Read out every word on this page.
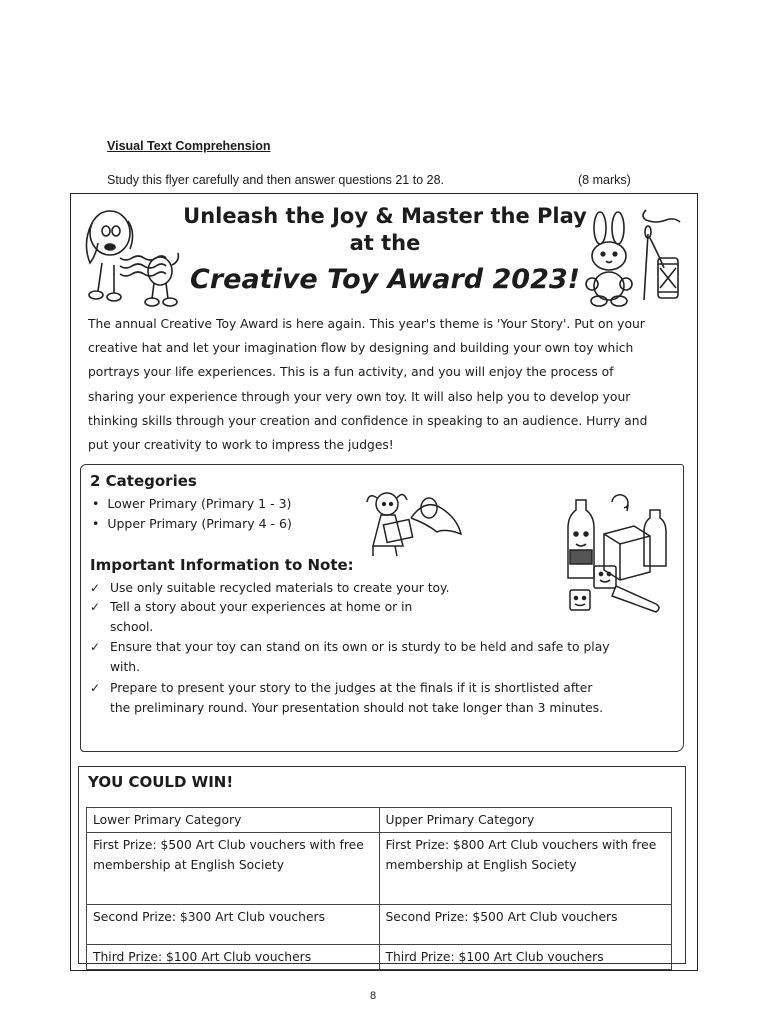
Visual Text Comprehension
Study this flyer carefully and then answer questions 21 to 28.	(8 marks)
Unleash the Joy & Master the Play
at the
Creative Toy Award 2023!
The annual Creative Toy Award is here again. This year's theme is 'Your Story'. Put on your
creative hat and let your imagination flow by designing and building your own toy which
portrays your life experiences. This is a fun activity, and you will enjoy the process of
sharing your experience through your very own toy. It will also help you to develop your
thinking skills through your creation and confidence in speaking to an audience. Hurry and
put your creativity to work to impress the judges!
2 Categories
•  Lower Primary (Primary 1 - 3)
•  Upper Primary (Primary 4 - 6)
Important Information to Note:
✓ Use only suitable recycled materials to create your toy.
✓ Tell a story about your experiences at home or in
school.
✓ Ensure that your toy can stand on its own or is sturdy to be held and safe to play
with.
✓ Prepare to present your story to the judges at the finals if it is shortlisted after
the preliminary round. Your presentation should not take longer than 3 minutes.
YOU COULD WIN!
Lower Primary Category	Upper Primary Category
First Prize: $500 Art Club vouchers with free membership at English Society	First Prize: $800 Art Club vouchers with free membership at English Society
Second Prize: $300 Art Club vouchers	Second Prize: $500 Art Club vouchers
Third Prize: $100 Art Club vouchers	Third Prize: $100 Art Club vouchers
8
